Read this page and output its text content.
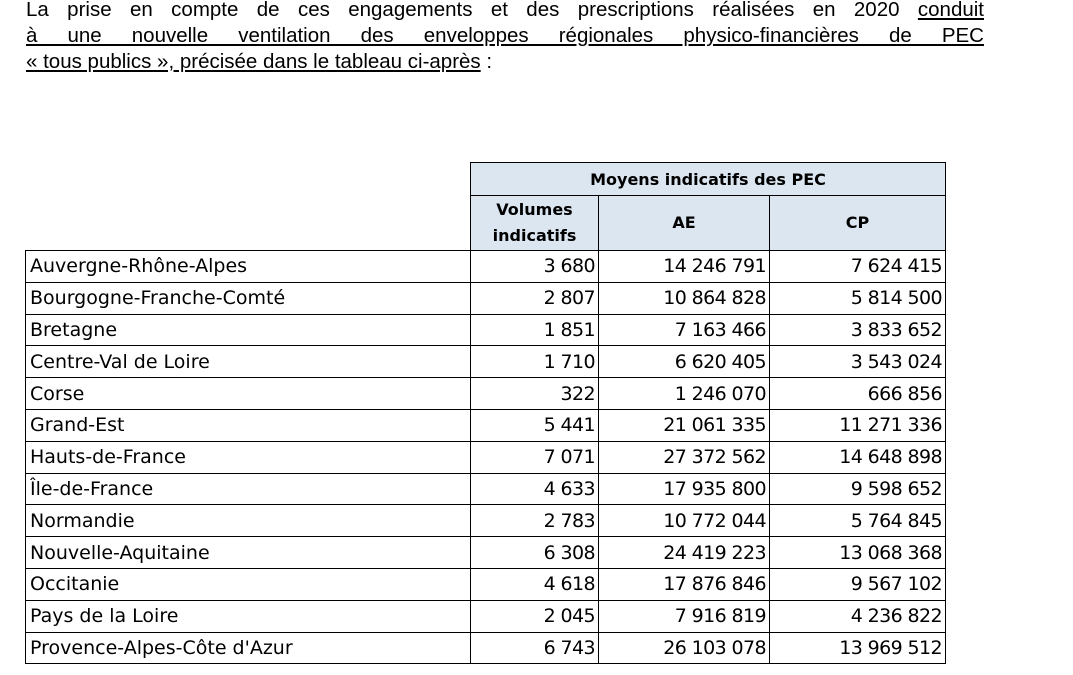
La prise en compte de ces engagements et des prescriptions réalisées en 2020 conduit
à une nouvelle ventilation des enveloppes régionales physico-financières de PEC
« tous publics », précisée dans le tableau ci-après :
	Moyens indicatifs des PEC		
	Volumes indicatifs	AE	CP
Auvergne-Rhône-Alpes	3 680	14 246 791	7 624 415
Bourgogne-Franche-Comté	2 807	10 864 828	5 814 500
Bretagne	1 851	7 163 466	3 833 652
Centre-Val de Loire	1 710	6 620 405	3 543 024
Corse	322	1 246 070	666 856
Grand-Est	5 441	21 061 335	11 271 336
Hauts-de-France	7 071	27 372 562	14 648 898
Île-de-France	4 633	17 935 800	9 598 652
Normandie	2 783	10 772 044	5 764 845
Nouvelle-Aquitaine	6 308	24 419 223	13 068 368
Occitanie	4 618	17 876 846	9 567 102
Pays de la Loire	2 045	7 916 819	4 236 822
Provence-Alpes-Côte d'Azur	6 743	26 103 078	13 969 512
